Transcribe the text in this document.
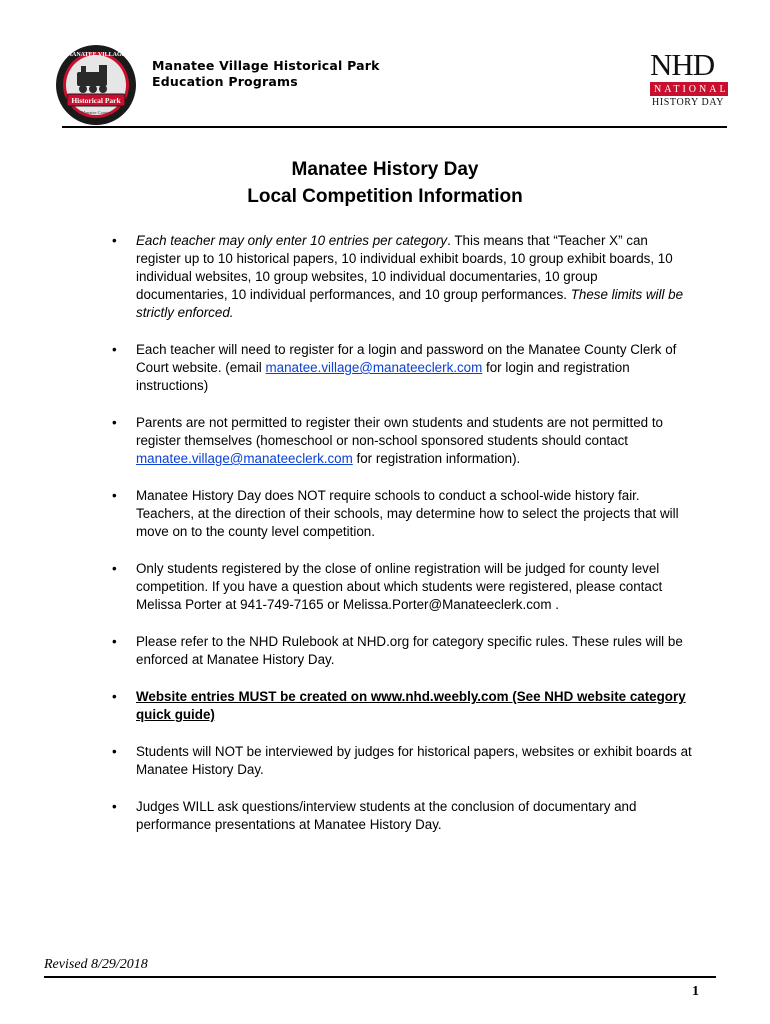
MANATEE VILLAGE
Historical Park
Manatee County
Manatee Village Historical Park
Education Programs	NHD
NATIONAL
HISTORY DAY
Manatee History Day
Local Competition Information
• Each teacher may only enter 10 entries per category. This means that “Teacher X” can register up to 10 historical papers, 10 individual exhibit boards, 10 group exhibit boards, 10 individual websites, 10 group websites, 10 individual documentaries, 10 group documentaries, 10 individual performances, and 10 group performances. These limits will be strictly enforced.
• Each teacher will need to register for a login and password on the Manatee County Clerk of Court website. (email manatee.village@manateeclerk.com for login and registration instructions)
• Parents are not permitted to register their own students and students are not permitted to register themselves (homeschool or non-school sponsored students should contact manatee.village@manateeclerk.com for registration information).
• Manatee History Day does NOT require schools to conduct a school-wide history fair. Teachers, at the direction of their schools, may determine how to select the projects that will move on to the county level competition.
• Only students registered by the close of online registration will be judged for county level competition. If you have a question about which students were registered, please contact Melissa Porter at 941-749-7165 or Melissa.Porter@Manateeclerk.com .
• Please refer to the NHD Rulebook at NHD.org for category specific rules. These rules will be enforced at Manatee History Day.
• Website entries MUST be created on www.nhd.weebly.com (See NHD website category quick guide)
• Students will NOT be interviewed by judges for historical papers, websites or exhibit boards at Manatee History Day.
• Judges WILL ask questions/interview students at the conclusion of documentary and performance presentations at Manatee History Day.
Revised 8/29/2018
1
